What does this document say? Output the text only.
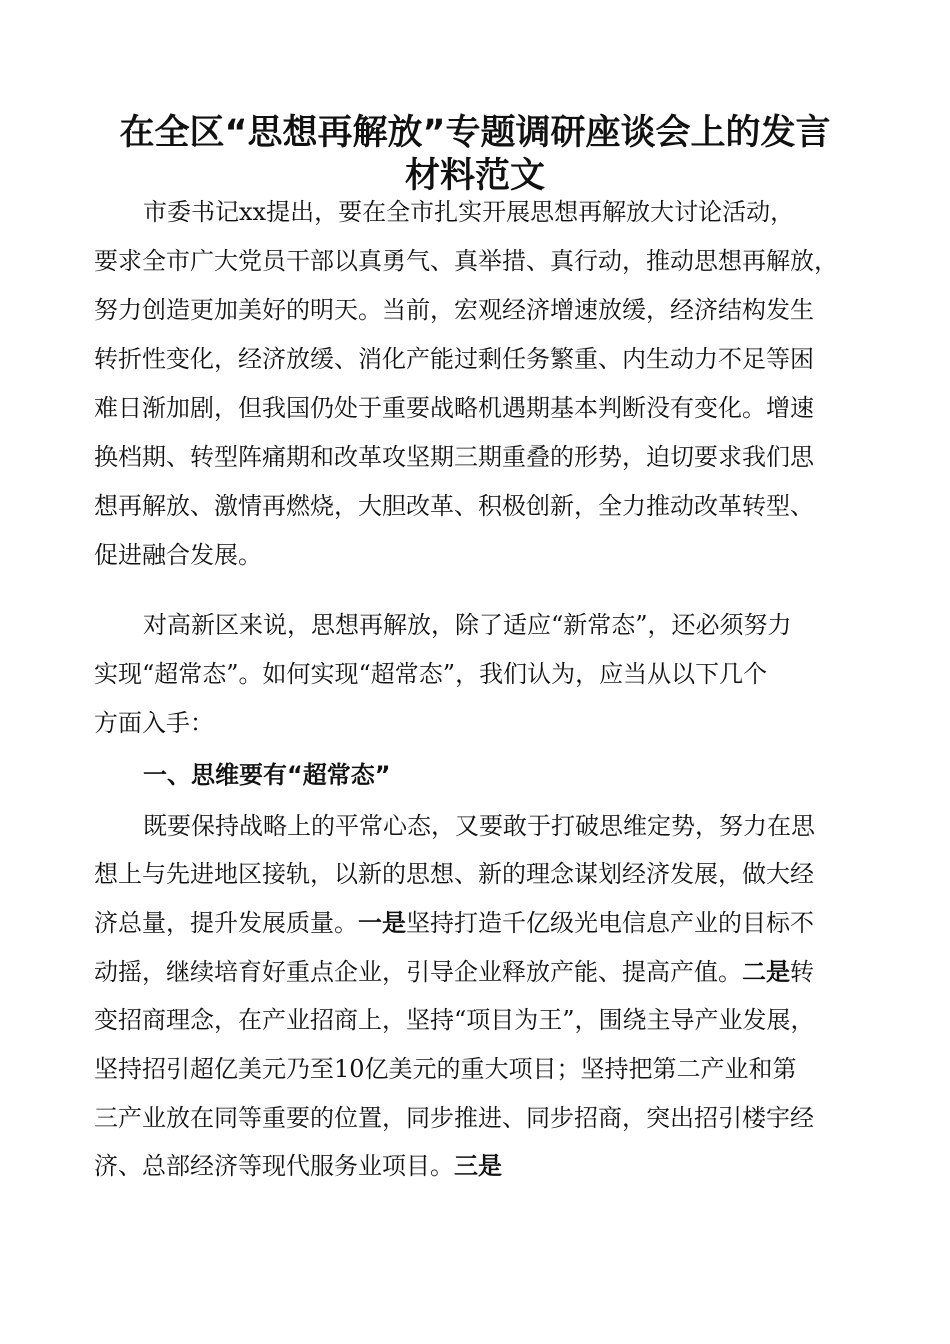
在全区“思想再解放”专题调研座谈会上的发言
材料范文
市委书记xx提出，要在全市扎实开展思想再解放大讨论活动，
要求全市广大党员干部以真勇气、真举措、真行动，推动思想再解放，
努力创造更加美好的明天。当前，宏观经济增速放缓，经济结构发生
转折性变化，经济放缓、消化产能过剩任务繁重、内生动力不足等困
难日渐加剧，但我国仍处于重要战略机遇期基本判断没有变化。增速
换档期、转型阵痛期和改革攻坚期三期重叠的形势，迫切要求我们思
想再解放、激情再燃烧，大胆改革、积极创新，全力推动改革转型、
促进融合发展。
对高新区来说，思想再解放，除了适应“新常态”，还必须努力
实现“超常态”。如何实现“超常态”，我们认为，应当从以下几个
方面入手：
一、思维要有“超常态”
既要保持战略上的平常心态，又要敢于打破思维定势，努力在思
想上与先进地区接轨，以新的思想、新的理念谋划经济发展，做大经
济总量，提升发展质量。一是坚持打造千亿级光电信息产业的目标不
动摇，继续培育好重点企业，引导企业释放产能、提高产值。二是转
变招商理念，在产业招商上，坚持“项目为王”，围绕主导产业发展，
坚持招引超亿美元乃至10亿美元的重大项目；坚持把第二产业和第
三产业放在同等重要的位置，同步推进、同步招商，突出招引楼宇经
济、总部经济等现代服务业项目。三是
